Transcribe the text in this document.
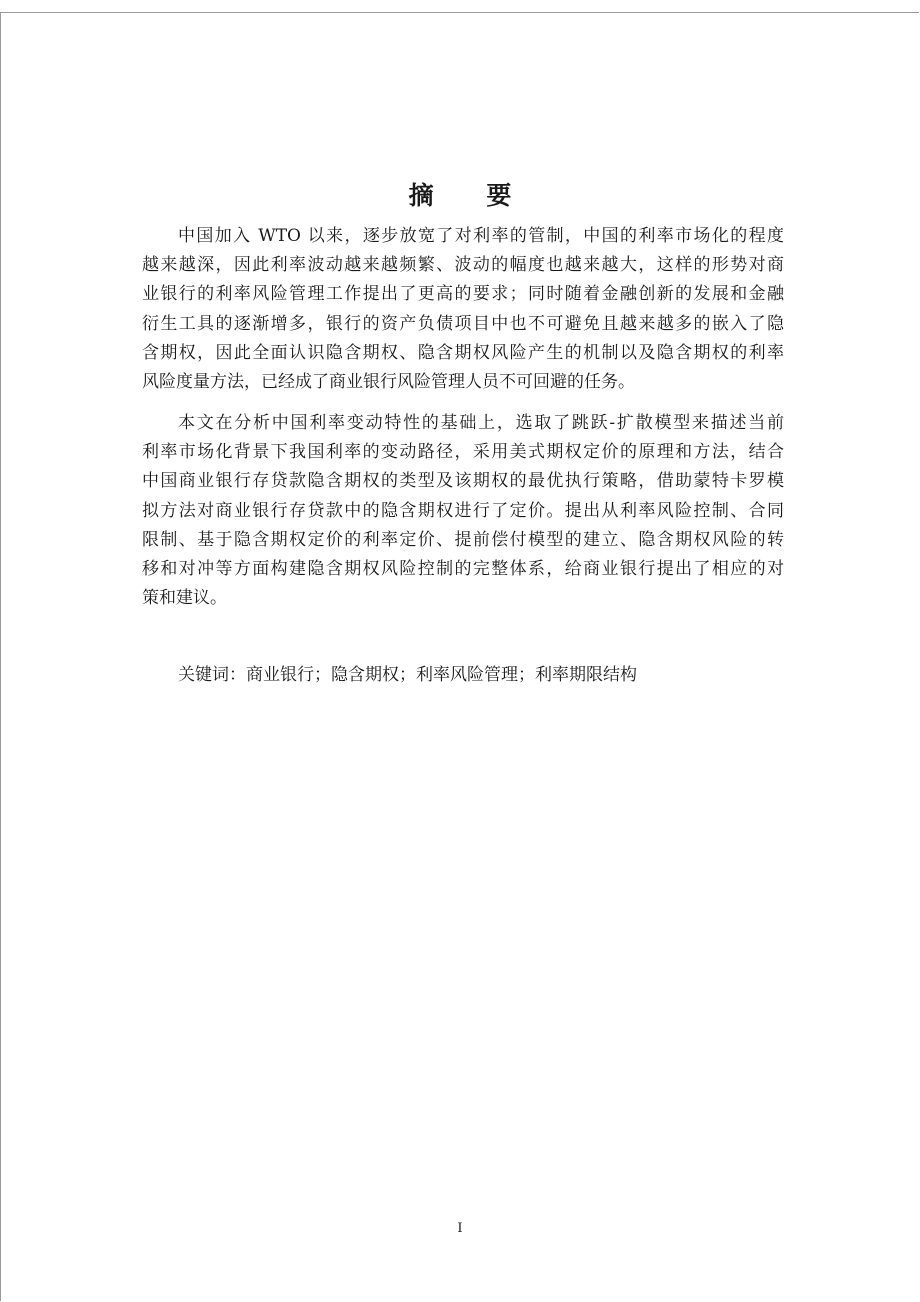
摘 要
中国加入 WTO 以来，逐步放宽了对利率的管制，中国的利率市场化的程度
越来越深，因此利率波动越来越频繁、波动的幅度也越来越大，这样的形势对商
业银行的利率风险管理工作提出了更高的要求；同时随着金融创新的发展和金融
衍生工具的逐渐增多，银行的资产负债项目中也不可避免且越来越多的嵌入了隐
含期权，因此全面认识隐含期权、隐含期权风险产生的机制以及隐含期权的利率
风险度量方法，已经成了商业银行风险管理人员不可回避的任务。
本文在分析中国利率变动特性的基础上，选取了跳跃-扩散模型来描述当前
利率市场化背景下我国利率的变动路径，采用美式期权定价的原理和方法，结合
中国商业银行存贷款隐含期权的类型及该期权的最优执行策略，借助蒙特卡罗模
拟方法对商业银行存贷款中的隐含期权进行了定价。提出从利率风险控制、合同
限制、基于隐含期权定价的利率定价、提前偿付模型的建立、隐含期权风险的转
移和对冲等方面构建隐含期权风险控制的完整体系，给商业银行提出了相应的对
策和建议。
关键词：商业银行；隐含期权；利率风险管理；利率期限结构
I
